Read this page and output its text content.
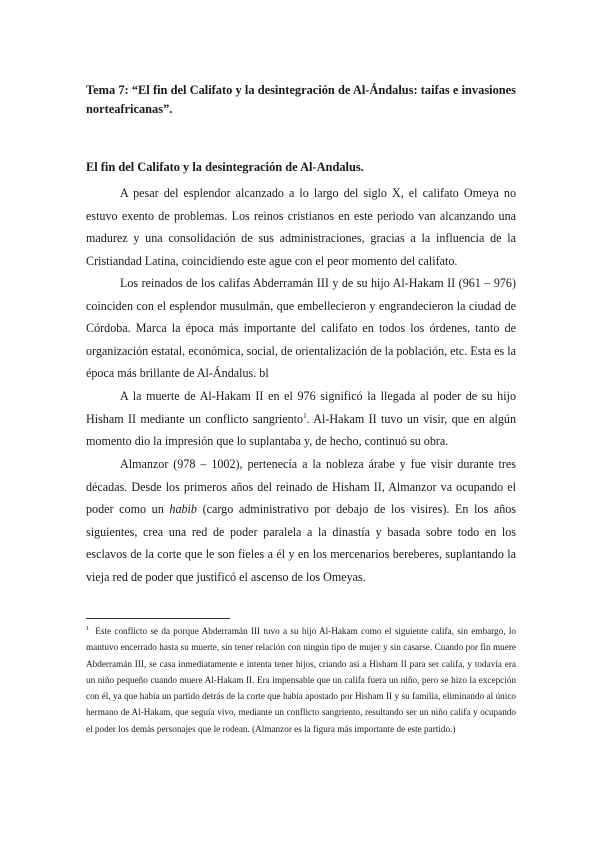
Tema 7: “El fin del Califato y la desintegración de Al-Ándalus: taifas e invasiones norteafricanas”.
El fin del Califato y la desintegración de Al-Andalus.

A pesar del esplendor alcanzado a lo largo del siglo X, el califato Omeya no estuvo exento de problemas. Los reinos cristianos en este periodo van alcanzando una madurez y una consolidación de sus administraciones, gracias a la influencia de la Cristiandad Latina, coincidiendo este ague con el peor momento del califato.

Los reinados de los califas Abderramán III y de su hijo Al-Hakam II (961 – 976) coinciden con el esplendor musulmán, que embellecieron y engrandecieron la ciudad de Córdoba. Marca la época más importante del califato en todos los órdenes, tanto de organización estatal, económica, social, de orientalización de la población, etc. Esta es la época más brillante de Al-Ándalus. bl

A la muerte de Al-Hakam II en el 976 significó la llegada al poder de su hijo Hisham II mediante un conflicto sangriento$^1$. Al-Hakam II tuvo un visir, que en algún momento dio la impresión que lo suplantaba y, de hecho, continuó su obra.

Almanzor (978 – 1002), pertenecía a la nobleza árabe y fue visir durante tres décadas. Desde los primeros años del reinado de Hisham II, Almanzor va ocupando el poder como un habib (cargo administrativo por debajo de los visires). En los años siguientes, crea una red de poder paralela a la dinastía y basada sobre todo en los esclavos de la corte que le son fieles a él y en los mercenarios bereberes, suplantando la vieja red de poder que justificó el ascenso de los Omeyas.

$^1$ Este conflicto se da porque Abderramán III tuvo a su hijo Al-Hakam como el siguiente califa, sin embargo, lo mantuvo encerrado hasta su muerte, sin tener relación con ningún tipo de mujer y sin casarse. Cuando por fin muere Abderramán III, se casa inmediatamente e intenta tener hijos, criando así a Hisham II para ser califa, y todavía era un niño pequeño cuando muere Al-Hakam II. Era impensable que un califa fuera un niño, pero se hizo la excepción con él, ya que había un partido detrás de la corte que había apostado por Hisham II y su familia, eliminando al único hermano de Al-Hakam, que seguía vivo, mediante un conflicto sangriento, resultando ser un niño califa y ocupando el poder los demás personajes que le rodean. (Almanzor es la figura más importante de este partido.)
